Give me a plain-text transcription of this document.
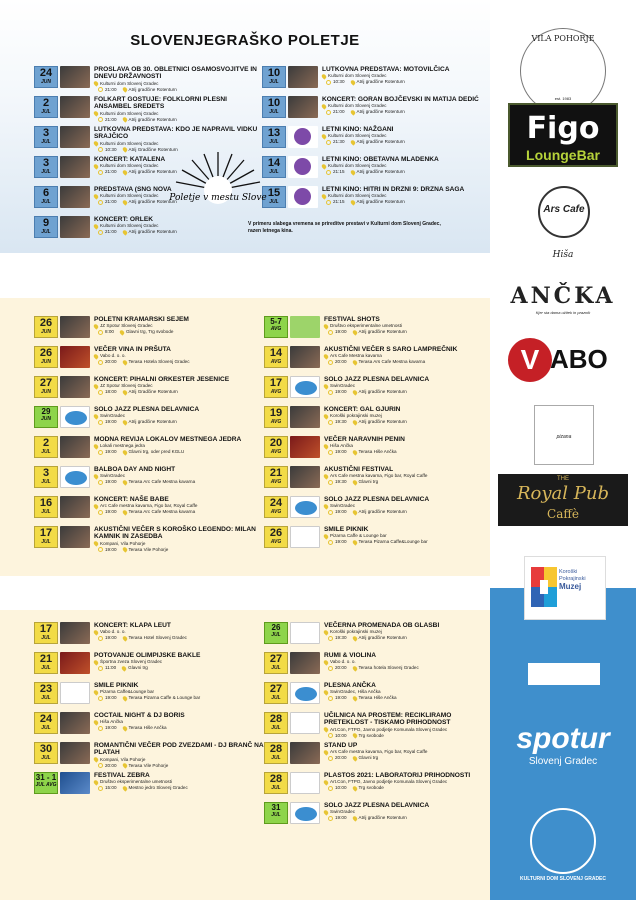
SLOVENJEGRAŠKO POLETJE
24
JUN
PROSLAVA OB 30. OBLETNICI OSAMOSVOJITVE IN DNEVU DRŽAVNOSTI
Kulturni dom Slovenj Gradec
21:00	Atrij gradčine Rotenturn
2
JUL
FOLKART GOSTUJE: FOLKLORNI PLESNI ANSAMBEL SREDETS
Kulturni dom Slovenj Gradec
21:00	Atrij gradčine Rotenturn
3
JUL
LUTKOVNA PREDSTAVA: KDO JE NAPRAVIL VIDKU SRAJČICO
Kulturni dom Slovenj Gradec
10:30	Atrij Gradčine Rotenturn
3
JUL
KONCERT: KATALENA
Kulturni dom Slovenj Gradec
21:00	Atrij gradčine Rotenturn
6
JUL
PREDSTAVA (SNG NOVA
Kulturni dom Slovenj Gradec
21:00	Atrij gradčine Rotenturn
9
JUL
KONCERT: ORLEK
Kulturni dom Slovenj Gradec
21:00	Atrij gradčine Rotenturn
10
JUL
LUTKOVNA PREDSTAVA: MOTOVILČICA
Kulturni dom Slovenj Gradec
10:30	Atrij gradčine Rotenturn
10
JUL
KONCERT: GORAN BOJČEVSKI IN MATIJA DEDIĆ
Kulturni dom Slovenj Gradec
21:00	Atrij gradčine Rotenturn
13
JUL
LETNI KINO: NAŽGANI
Kulturni dom Slovenj Gradec
21:30	Atrij gradčine Rotenturn
14
JUL
LETNI KINO: OBETAVNA MLADENKA
Kulturni dom Slovenj Gradec
21:15	Atrij gradčine Rotenturn
15
JUL
LETNI KINO: HITRI IN DRZNI 9: DRZNA SAGA
Kulturni dom Slovenj Gradec
21:15	Atrij gradčine Rotenturn
Poletje v mestu Slove
V primeru slabega vremena se prireditve prestavi v Kulturni dom Slovenj Gradec, razen letnega kina.
26
JUN
POLETNI KRAMARSKI SEJEM
JZ Spotur Slovenj Gradec
8:00	Glavni trg, Trg svobode
26
JUN
VEČER VINA IN PRŠUTA
Vabo d. o. o.
20:00	Terasa Hotela Slovenj Gradec
27
JUN
KONCERT: PIHALNI ORKESTER JESENICE
JZ Spotur Slovenj Gradec
18:00	Atrij Gradčine Rotenturn
29
JUN
SOLO JAZZ PLESNA DELAVNICA
SwinGradec
19:00	Atrij gradčine Rotenturn
2
JUL
MODNA REVIJA LOKALOV MESTNEGA JEDRA
Lokali mestnega jedra
19:00	Glavni trg, oder pred KGLU
3
JUL
BALBOA DAY AND NIGHT
SwinGradec
19:00	Terasa Arc Cafe Mestna kavarna
16
JUL
KONCERT: NAŠE BABE
Arc Cafe mestna kavarna, Figo bar, Royal Caffe
19:00	Terasa Arc Cafe Mestna kavarna
17
JUL
AKUSTIČNI VEČER S KOROŠKO LEGENDO: MILAN KAMNIK IN ZASEDBA
Kompani, Vila Pohorje
19:00	Terasa Vile Pohorje
5-7
AVG
FESTIVAL SHOTS
Društvo eksperimentalne umetnosti
19:00	Atrij gradčine Rotenturn
14
AVG
AKUSTIČNI VEČER S SARO LAMPREČNIK
Ars Cafe Mestna kavarna
20:00	Terasa Ars Cafe Mestna kavarna
17
AVG
SOLO JAZZ PLESNA DELAVNICA
SwinGradec
19:00	Atrij gradčine Rotenturn
19
AVG
KONCERT: GAL GJURIN
Koroški pokrajinski muzej
19:30	Atrij gradčine Rotenturn
20
AVG
VEČER NARAVNIH PENIN
Hiša Ančka
19:00	Terasa Hiše Ančka
21
AVG
AKUSTIČNI FESTIVAL
Ars Cafe mestna kavarna, Figo bar, Royal Caffe
19:30	Glavni trg
24
AVG
SOLO JAZZ PLESNA DELAVNICA
SwinGradec
19:00	Atrij gradčine Rotenturn
26
AVG
SMILE PIKNIK
Pizarna Caffe & Lounge bar
19:00	Terasa Pizarna Caffe&Lounge bar
17
JUL
KONCERT: KLAPA LEUT
Vabo d. o. o.
19:00	Terasa Hotel Slovenj Gradec
21
JUL
POTOVANJE OLIMPIJSKE BAKLE
Športna zveza Slovenj Gradec
11:00	Glavni trg
23
JUL
SMILE PIKNIK
Pizarna Caffe&Lounge bar
19:00	Terasa Pizarna Caffe & Lounge bar
24
JUL
COCTAIL NIGHT & DJ BORIS
Hiša Ančka
19:00	Terasa Hiše Ančka
30
JUL
ROMANTIČNI VEČER POD ZVEZDAMI - DJ BRANČ NA PLATAH
Kompani, Vila Pohorje
20:00	Terasa Vile Pohorje
31 - 1
JUL AVG
FESTIVAL ZEBRA
Društvo eksperimentalne umetnosti
15:00	Mestno jedro Slovenj Gradec
26
JUL
VEČERNA PROMENADA OB GLASBI
Koroški pokrajinski muzej
19:30	Atrij gradčine Rotenturn
27
JUL
RUMI & VIOLINA
Vabo d. o. o.
20:00	Terasa hotela Slovenj Gradec
27
JUL
PLESNA ANČKA
SwinGradec, Hiša Ančka
19:00	Terasa Hiše Ančka
28
JUL
UČILNICA NA PROSTEM: RECIKLIRAMO PRETEKLOST - TISKAMO PRIHODNOST
Art.Con, FTPO, Javno podjetje Komunala Slovenj Gradec
10:00	Trg svobode
28
JUL
STAND UP
Ars Cafe mestna kavarna, Figo bar, Royal Caffe
20:00	Glavni trg
28
JUL
PLASTOS 2021: LABORATORIJ PRIHODNOSTI
Art.Con, FTPO, Javno podjetje Komunala Slovenj Gradec
10:00	Trg svobode
31
JUL
SOLO JAZZ PLESNA DELAVNICA
SwinGradec
19:00	Atrij gradčine Rotenturn
VILA POHORJE
est. 1983
Figo
LoungeBar
Ars Cafe
Hiša
ANČKA
Kjer sta dama užitek in praznik
V ABO
pizana
THE
Royal Pub
Caffè
Koroški Pokrajinski
Muzej
spotur
Slovenj Gradec
KULTURNI DOM SLOVENJ GRADEC
